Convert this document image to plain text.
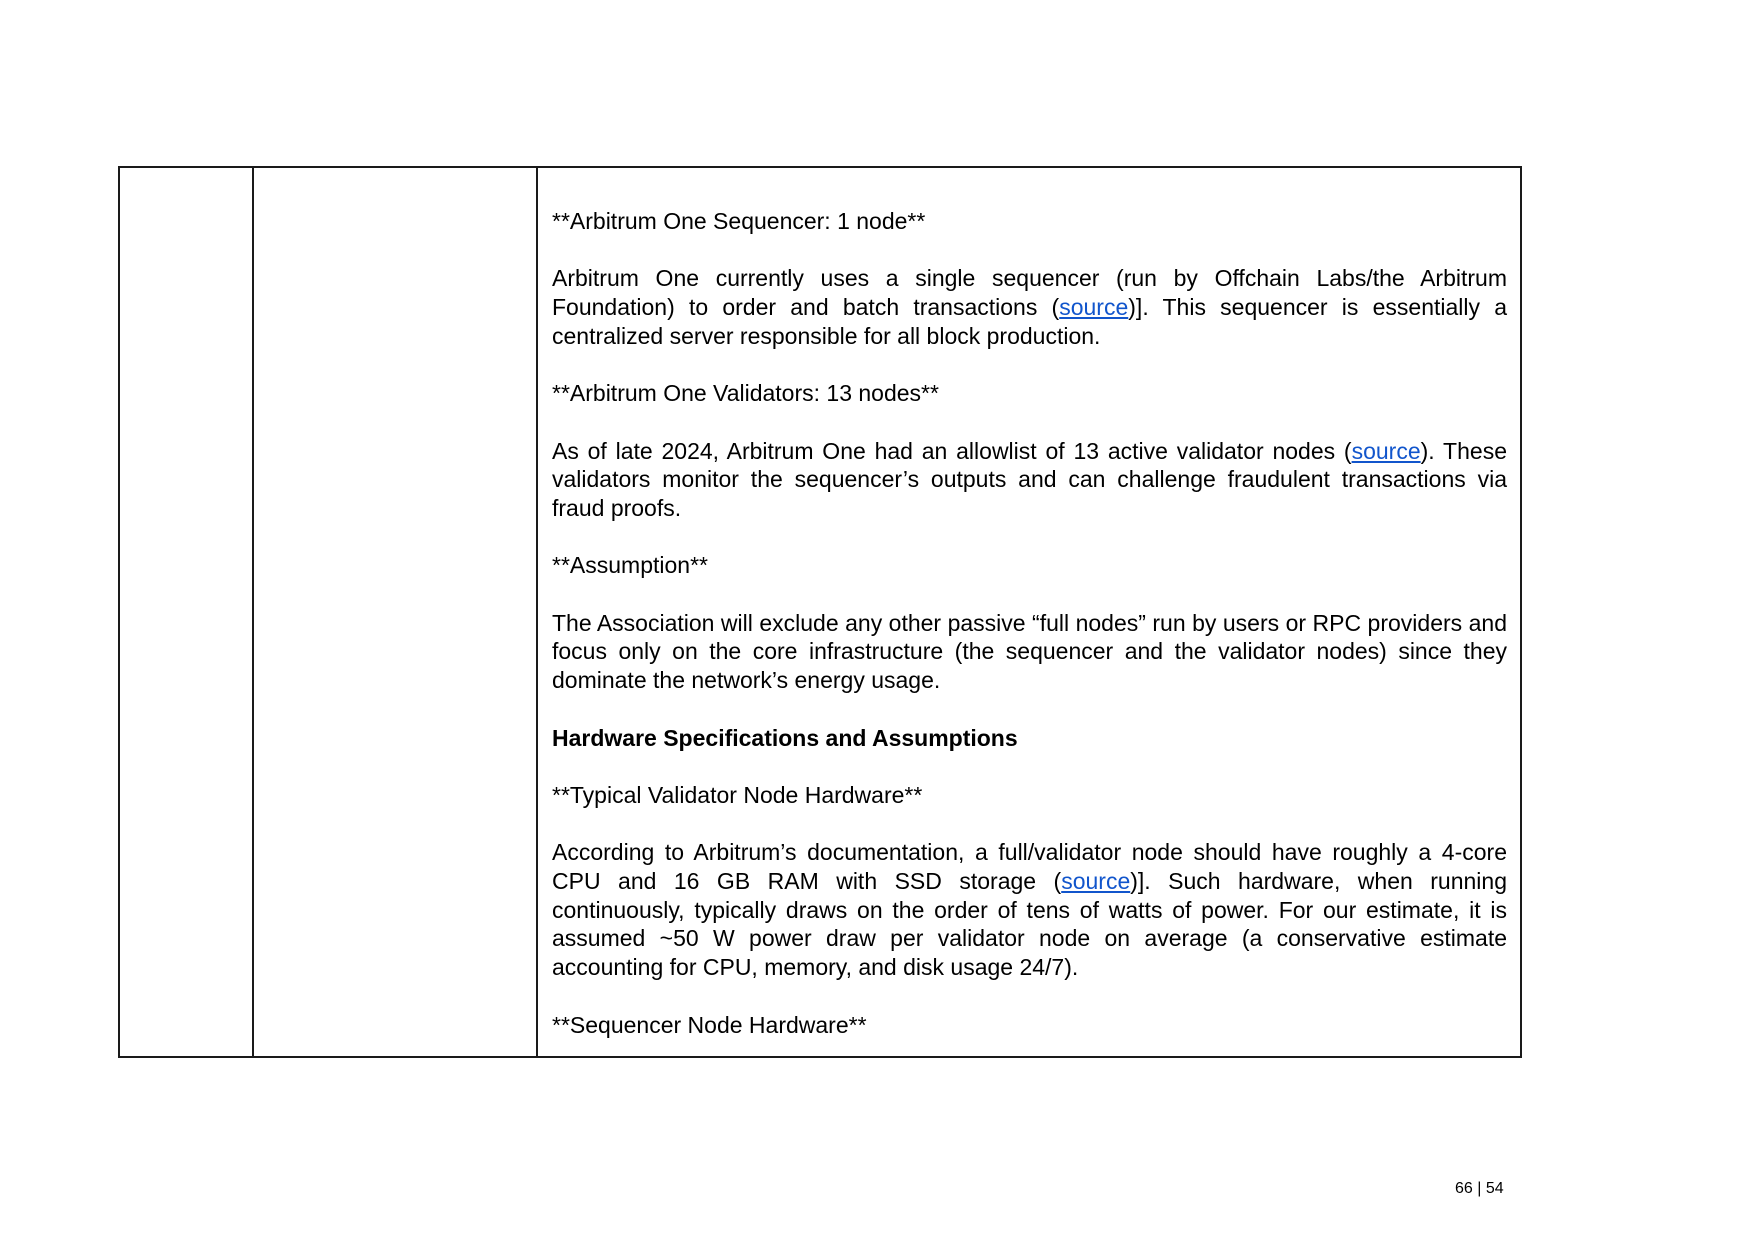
**Arbitrum One Sequencer: 1 node**

Arbitrum One currently uses a single sequencer (run by Offchain Labs/the Arbitrum Foundation) to order and batch transactions (source)]. This sequencer is essentially a centralized server responsible for all block production.

**Arbitrum One Validators: 13 nodes**

As of late 2024, Arbitrum One had an allowlist of 13 active validator nodes (source). These validators monitor the sequencer’s outputs and can challenge fraudulent transactions via fraud proofs.

**Assumption**

The Association will exclude any other passive “full nodes” run by users or RPC providers and focus only on the core infrastructure (the sequencer and the validator nodes) since they dominate the network’s energy usage.

Hardware Specifications and Assumptions

**Typical Validator Node Hardware**

According to Arbitrum’s documentation, a full/validator node should have roughly a 4-core CPU and 16 GB RAM with SSD storage (source)]. Such hardware, when running continuously, typically draws on the order of tens of watts of power. For our estimate, it is assumed ~50 W power draw per validator node on average (a conservative estimate accounting for CPU, memory, and disk usage 24/7).

**Sequencer Node Hardware**

66 | 54
